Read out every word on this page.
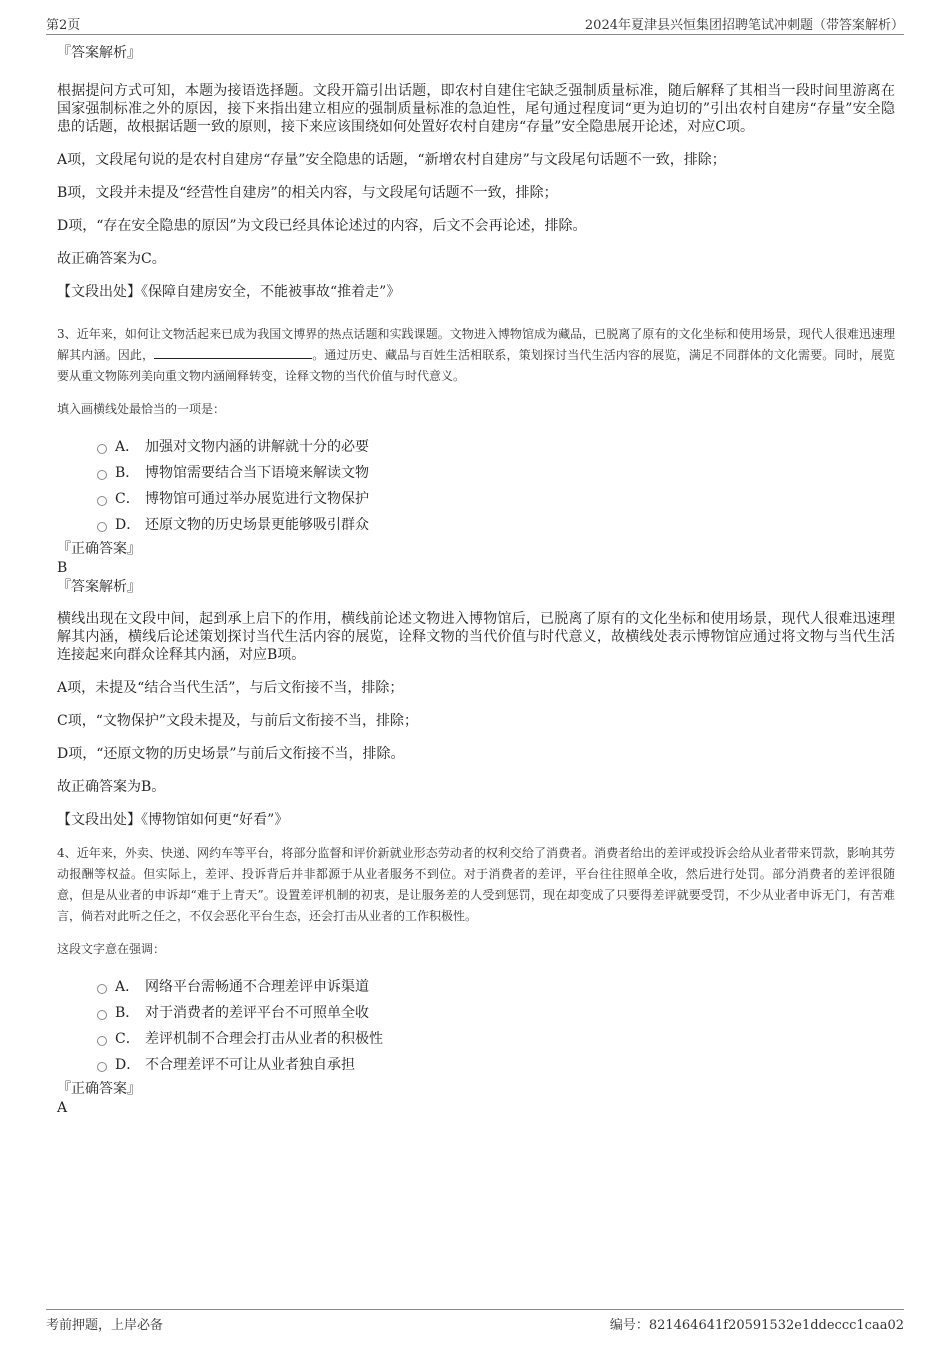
第2页	2024年夏津县兴恒集团招聘笔试冲刺题（带答案解析）

『答案解析』

根据提问方式可知，本题为接语选择题。文段开篇引出话题，即农村自建住宅缺乏强制质量标准，随后解释了其相当一段时间里游离在国家强制标准之外的原因，接下来指出建立相应的强制质量标准的急迫性，尾句通过程度词“更为迫切的”引出农村自建房“存量”安全隐患的话题，故根据话题一致的原则，接下来应该围绕如何处置好农村自建房“存量”安全隐患展开论述，对应C项。

A项，文段尾句说的是农村自建房“存量”安全隐患的话题，“新增农村自建房”与文段尾句话题不一致，排除；

B项，文段并未提及“经营性自建房”的相关内容，与文段尾句话题不一致，排除；

D项，“存在安全隐患的原因”为文段已经具体论述过的内容，后文不会再论述，排除。

故正确答案为C。

【文段出处】《保障自建房安全，不能被事故“推着走”》

3、近年来，如何让文物活起来已成为我国文博界的热点话题和实践课题。文物进入博物馆成为藏品，已脱离了原有的文化坐标和使用场景，现代人很难迅速理解其内涵。因此，	。通过历史、藏品与百姓生活相联系，策划探讨当代生活内容的展览，满足不同群体的文化需要。同时，展览要从重文物陈列美向重文物内涵阐释转变，诠释文物的当代价值与时代意义。

填入画横线处最恰当的一项是：

A． 加强对文物内涵的讲解就十分的必要
B． 博物馆需要结合当下语境来解读文物
C． 博物馆可通过举办展览进行文物保护
D． 还原文物的历史场景更能够吸引群众

『正确答案』

B

『答案解析』

横线出现在文段中间，起到承上启下的作用，横线前论述文物进入博物馆后，已脱离了原有的文化坐标和使用场景，现代人很难迅速理解其内涵，横线后论述策划探讨当代生活内容的展览，诠释文物的当代价值与时代意义，故横线处表示博物馆应通过将文物与当代生活连接起来向群众诠释其内涵，对应B项。

A项，未提及“结合当代生活”，与后文衔接不当，排除；

C项，“文物保护”文段未提及，与前后文衔接不当，排除；

D项，“还原文物的历史场景”与前后文衔接不当，排除。

故正确答案为B。

【文段出处】《博物馆如何更“好看”》

4、近年来，外卖、快递、网约车等平台，将部分监督和评价新就业形态劳动者的权利交给了消费者。消费者给出的差评或投诉会给从业者带来罚款，影响其劳动报酬等权益。但实际上，差评、投诉背后并非都源于从业者服务不到位。对于消费者的差评，平台往往照单全收，然后进行处罚。部分消费者的差评很随意，但是从业者的申诉却“难于上青天”。设置差评机制的初衷，是让服务差的人受到惩罚，现在却变成了只要得差评就要受罚，不少从业者申诉无门，有苦难言，倘若对此听之任之，不仅会恶化平台生态，还会打击从业者的工作积极性。

这段文字意在强调：

A． 网络平台需畅通不合理差评申诉渠道
B． 对于消费者的差评平台不可照单全收
C． 差评机制不合理会打击从业者的积极性
D． 不合理差评不可让从业者独自承担

『正确答案』

A

考前押题，上岸必备	编号：821464641f20591532e1ddeccc1caa02
